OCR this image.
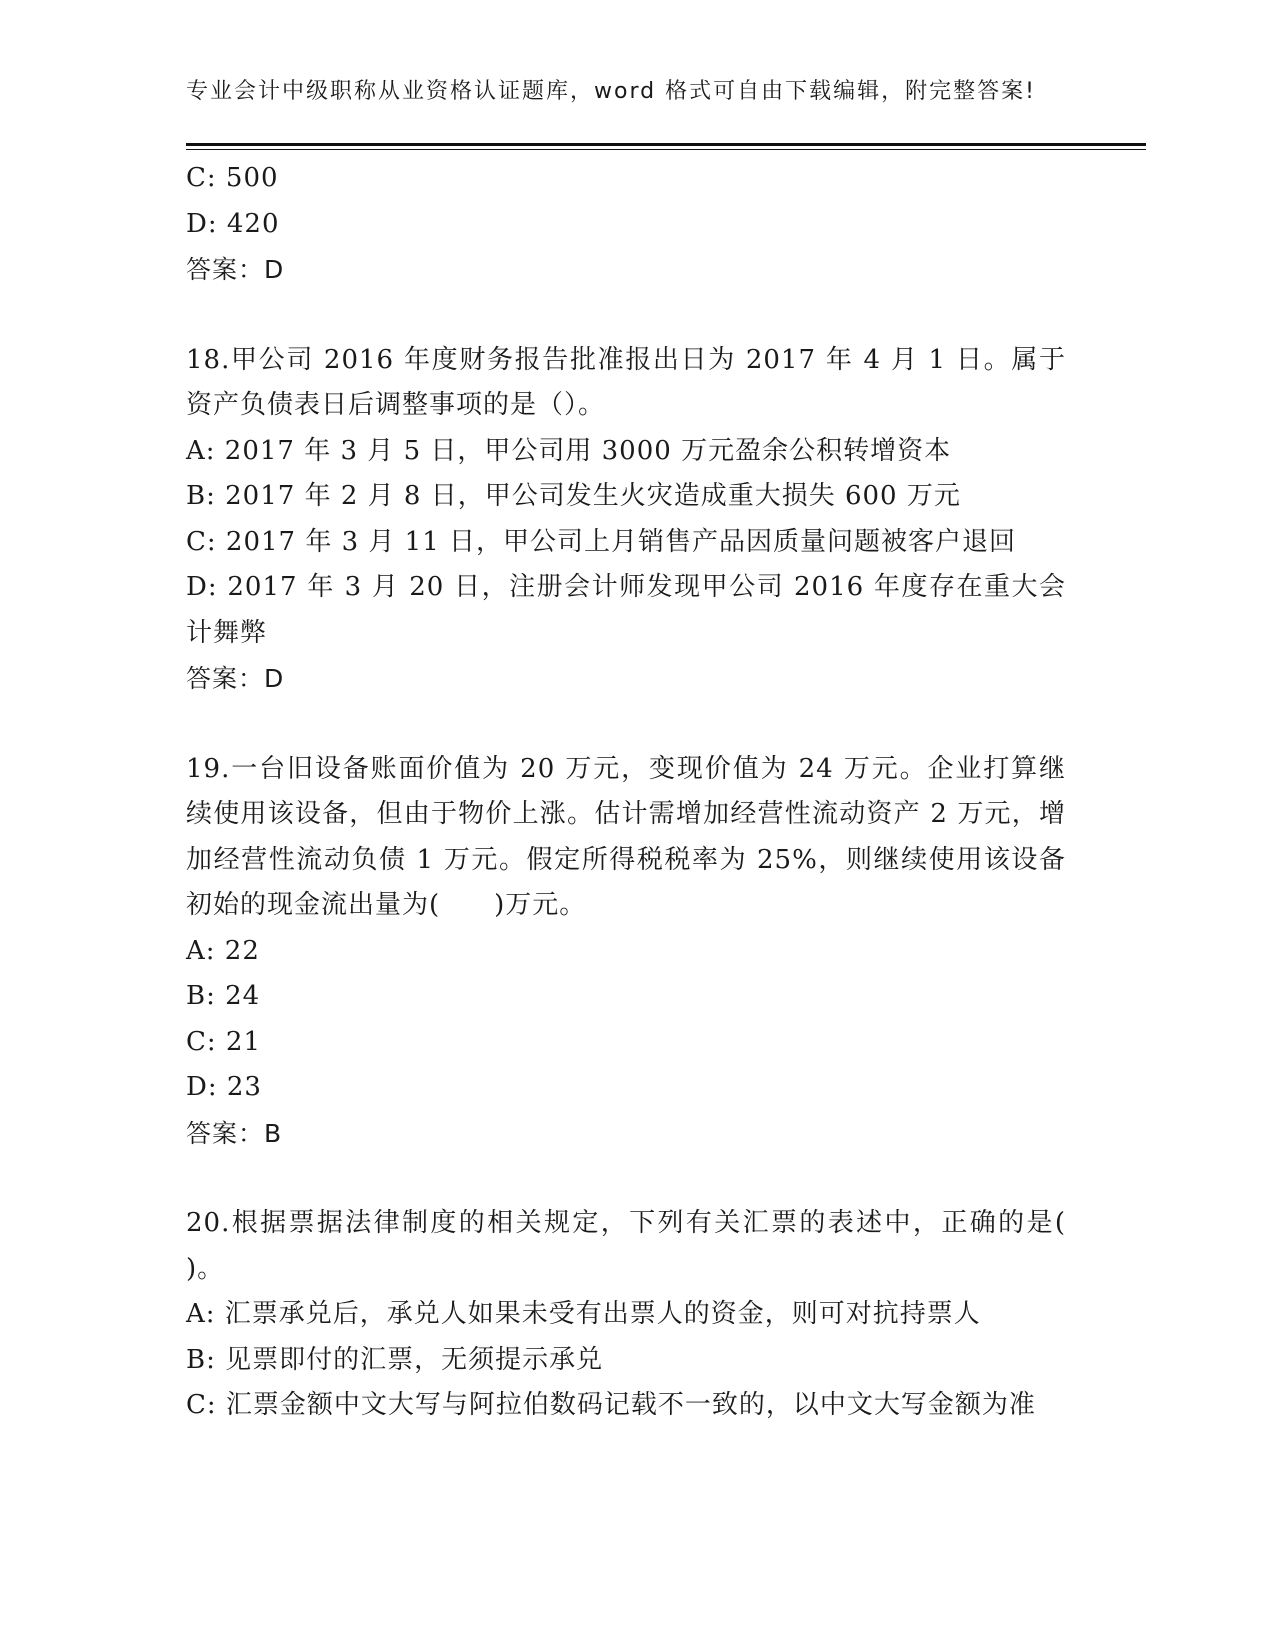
专业会计中级职称从业资格认证题库，word 格式可自由下载编辑，附完整答案!
C: 500
D: 420
答案：D
18.甲公司 2016 年度财务报告批准报出日为 2017 年 4 月 1 日。属于资产负债表日后调整事项的是（）。
A: 2017 年 3 月 5 日，甲公司用 3000 万元盈余公积转增资本
B: 2017 年 2 月 8 日，甲公司发生火灾造成重大损失 600 万元
C: 2017 年 3 月 11 日，甲公司上月销售产品因质量问题被客户退回
D: 2017 年 3 月 20 日，注册会计师发现甲公司 2016 年度存在重大会计舞弊
答案：D
19.一台旧设备账面价值为 20 万元，变现价值为 24 万元。企业打算继续使用该设备，但由于物价上涨。估计需增加经营性流动资产 2 万元，增加经营性流动负债 1 万元。假定所得税税率为 25%，则继续使用该设备初始的现金流出量为(　　)万元。
A: 22
B: 24
C: 21
D: 23
答案：B
20.根据票据法律制度的相关规定，下列有关汇票的表述中，正确的是( )。
A: 汇票承兑后，承兑人如果未受有出票人的资金，则可对抗持票人
B: 见票即付的汇票，无须提示承兑
C: 汇票金额中文大写与阿拉伯数码记载不一致的，以中文大写金额为准
